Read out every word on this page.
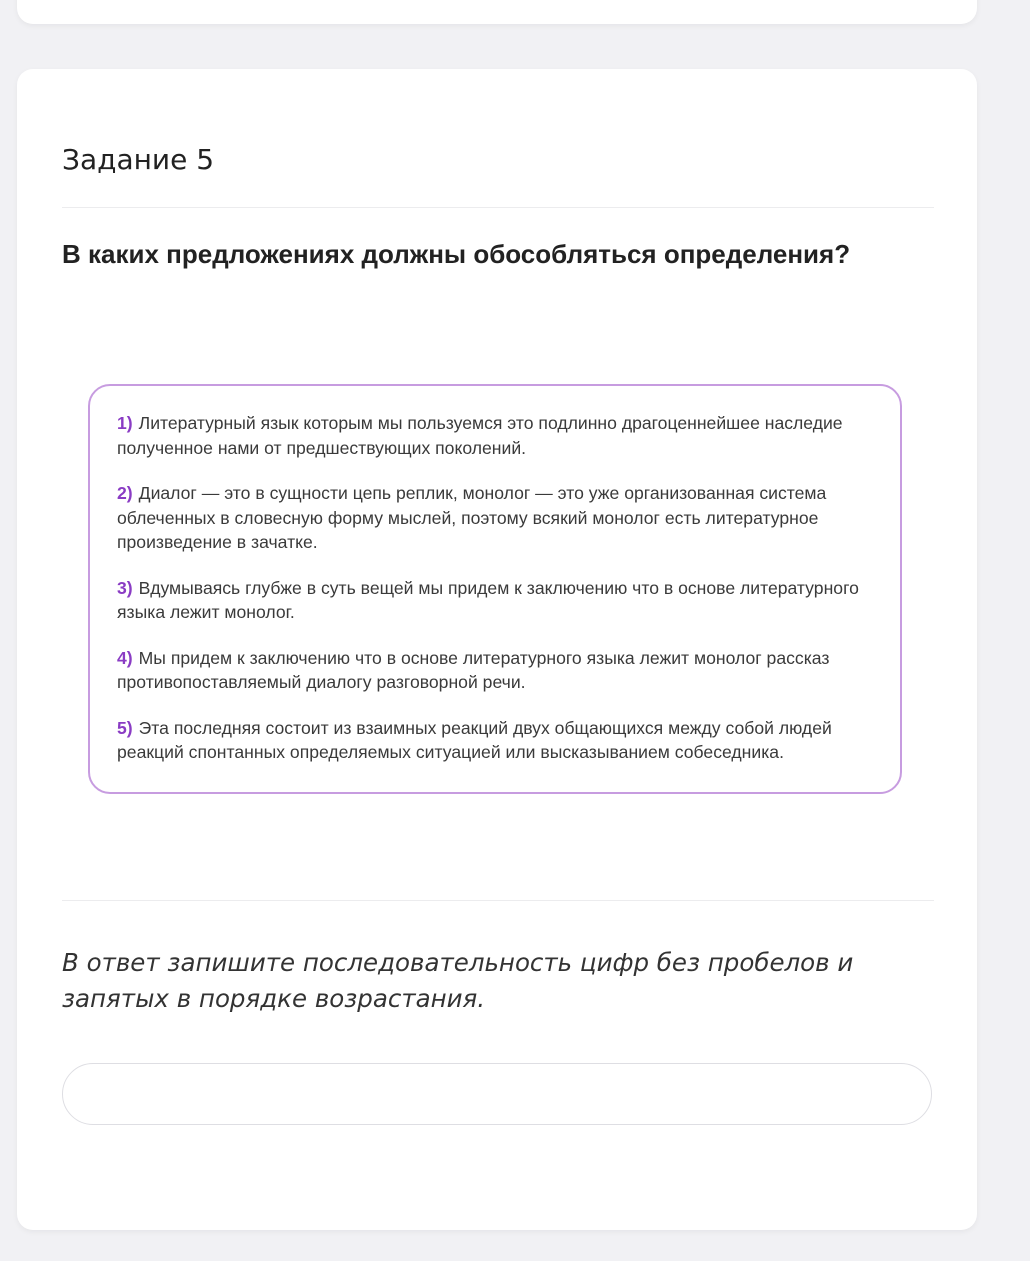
Задание 5
В каких предложениях должны обособляться определения?

1) Литературный язык которым мы пользуемся это подлинно драгоценнейшее наследие полученное нами от предшествующих поколений.

2) Диалог — это в сущности цепь реплик, монолог — это уже организованная система облеченных в словесную форму мыслей, поэтому всякий монолог есть литературное произведение в зачатке.

3) Вдумываясь глубже в суть вещей мы придем к заключению что в основе литературного языка лежит монолог.

4) Мы придем к заключению что в основе литературного языка лежит монолог рассказ противопоставляемый диалогу разговорной речи.

5) Эта последняя состоит из взаимных реакций двух общающихся между собой людей реакций спонтанных определяемых ситуацией или высказыванием собеседника.

В ответ запишите последовательность цифр без пробелов и запятых в порядке возрастания.
